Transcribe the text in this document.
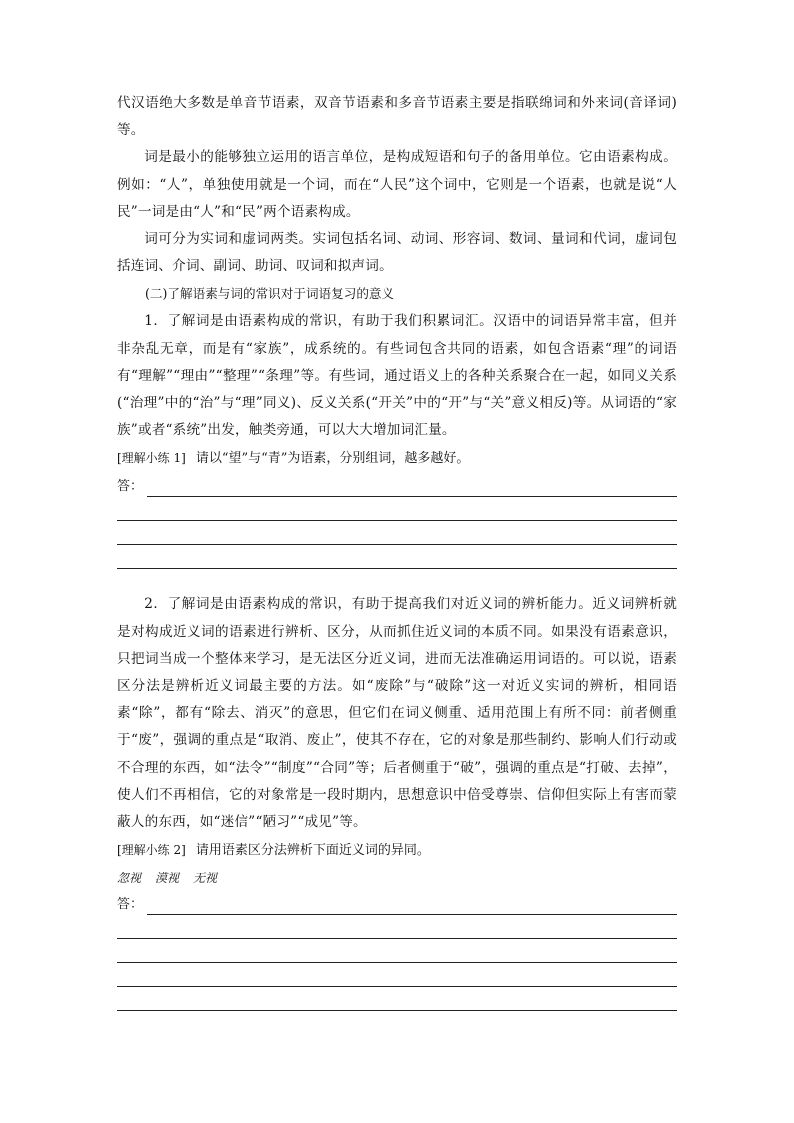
代汉语绝大多数是单音节语素，双音节语素和多音节语素主要是指联绵词和外来词(音译词)等。

词是最小的能够独立运用的语言单位，是构成短语和句子的备用单位。它由语素构成。例如：“人”，单独使用就是一个词，而在“人民”这个词中，它则是一个语素，也就是说“人民”一词是由“人”和“民”两个语素构成。

词可分为实词和虚词两类。实词包括名词、动词、形容词、数词、量词和代词，虚词包括连词、介词、副词、助词、叹词和拟声词。

(二)了解语素与词的常识对于词语复习的意义

1．了解词是由语素构成的常识，有助于我们积累词汇。汉语中的词语异常丰富，但并非杂乱无章，而是有“家族”，成系统的。有些词包含共同的语素，如包含语素“理”的词语有“理解”“理由”“整理”“条理”等。有些词，通过语义上的各种关系聚合在一起，如同义关系(“治理”中的“治”与“理”同义)、反义关系(“开关”中的“开”与“关”意义相反)等。从词语的“家族”或者“系统”出发，触类旁通，可以大大增加词汇量。

[理解小练 1] 请以“望”与“青”为语素，分别组词，越多越好。

答：

2．了解词是由语素构成的常识，有助于提高我们对近义词的辨析能力。近义词辨析就是对构成近义词的语素进行辨析、区分，从而抓住近义词的本质不同。如果没有语素意识，只把词当成一个整体来学习，是无法区分近义词，进而无法准确运用词语的。可以说，语素区分法是辨析近义词最主要的方法。如“废除”与“破除”这一对近义实词的辨析，相同语素“除”，都有“除去、消灭”的意思，但它们在词义侧重、适用范围上有所不同：前者侧重于“废”，强调的重点是“取消、废止”，使其不存在，它的对象是那些制约、影响人们行动或不合理的东西，如“法令”“制度”“合同”等；后者侧重于“破”，强调的重点是“打破、去掉”，使人们不再相信，它的对象常是一段时期内，思想意识中倍受尊崇、信仰但实际上有害而蒙蔽人的东西，如“迷信”“陋习”“成见”等。

[理解小练 2] 请用语素区分法辨析下面近义词的异同。

忽视 漠视 无视

答：
